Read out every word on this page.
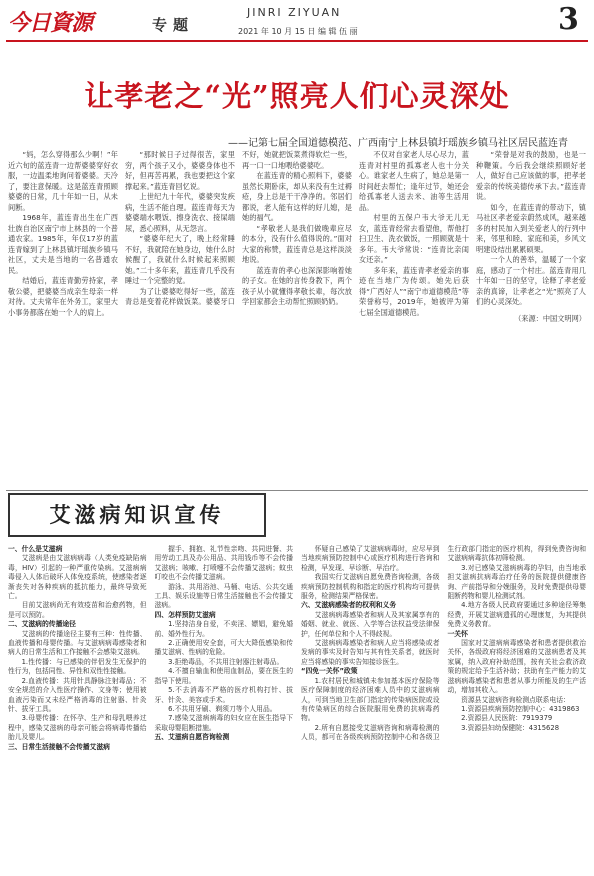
今日資源	专题
JINRI ZIYUAN
2021 年 10 月 15 日 编 辑 伍 丽	3
让孝老之“光”照亮人们心灵深处
——记第七届全国道德模范、广西南宁上林县镇圩瑶族乡镇马社区居民蓝连青

“妈，怎么穿得那么少啊！”年近六旬的蓝连青一边帮婆婆穿好衣服，一边温柔地询问着婆婆。天冷了，要注意保暖。这是蓝连青照顾婆婆的日常，几十年如一日，从未间断。

1968年，蓝连青出生在广西壮族自治区南宁市上林县的一个普通农家。1985年，年仅17岁的蓝连青嫁到了上林县镇圩瑶族乡镇马社区，丈夫是当地的一名普通农民。

结婚后，蓝连青勤劳持家，孝敬公婆，把婆婆当成亲生母亲一样对待。丈夫常年在外务工，家里大小事务都落在她一个人的肩上。

“那时候日子过得很苦，家里穷，两个孩子又小，婆婆身体也不好，但再苦再累，我也要把这个家撑起来。”蓝连青回忆说。

上世纪九十年代，婆婆突发疾病，生活不能自理。蓝连青每天为婆婆端水喂饭、擦身洗衣、接屎端尿，悉心照料，从无怨言。

“婆婆年纪大了，晚上经常睡不好，我就陪在她身边，她什么时候醒了，我就什么时候起来照顾她。”二十多年来，蓝连青几乎没有睡过一个完整的觉。

为了让婆婆吃得好一些，蓝连青总是变着花样做饭菜。婆婆牙口不好，她就把饭菜煮得软烂一些，再一口一口地喂给婆婆吃。

在蓝连青的精心照料下，婆婆虽然长期卧床，却从来没有生过褥疮，身上总是干干净净的。邻居们都说，老人能有这样的好儿媳，是她的福气。

“孝敬老人是我们做晚辈应尽的本分，没有什么值得说的。”面对大家的称赞，蓝连青总是这样淡淡地说。

蓝连青的孝心也深深影响着她的子女。在她的言传身教下，两个孩子从小就懂得孝敬长辈，每次放学回家都会主动帮忙照顾奶奶。

不仅对自家老人尽心尽力，蓝连青对村里的孤寡老人也十分关心。谁家老人生病了，她总是第一时间赶去帮忙；逢年过节，她还会给孤寡老人送去米、油等生活用品。

村里的五保户韦大爷无儿无女，蓝连青经常去看望他，帮他打扫卫生、洗衣做饭，一照顾就是十多年。韦大爷常说：“连青比亲闺女还亲。”

多年来，蓝连青孝老爱亲的事迹在当地广为传颂。她先后获得“广西好人”“南宁市道德模范”等荣誉称号，2019年，她被评为第七届全国道德模范。

“荣誉是对我的鼓励，也是一种鞭策。今后我会继续照顾好老人，做好自己应该做的事，把孝老爱亲的传统美德传承下去。”蓝连青说。

如今，在蓝连青的带动下，镇马社区孝老爱亲蔚然成风，越来越多的村民加入到关爱老人的行列中来，邻里和睦、家庭和美，乡风文明建设结出累累硕果。

一个人的善举，温暖了一个家庭，感动了一个村庄。蓝连青用几十年如一日的坚守，诠释了孝老爱亲的真谛，让孝老之“光”照亮了人们的心灵深处。

（来源：中国文明网）

艾滋病知识宣传

一、什么是艾滋病

艾滋病是由艾滋病病毒（人类免疫缺陷病毒，HIV）引起的一种严重传染病。艾滋病病毒侵入人体后破坏人体免疫系统，使感染者逐渐丧失对各种疾病的抵抗能力，最终导致死亡。

目前艾滋病尚无有效疫苗和治愈药物，但是可以预防。

二、艾滋病的传播途径

艾滋病的传播途径主要有三种：性传播、血液传播和母婴传播。与艾滋病病毒感染者和病人的日常生活和工作接触不会感染艾滋病。

1.性传播：与已感染的伴侣发生无保护的性行为，包括同性、异性和双性性接触。

2.血液传播：共用针具静脉注射毒品；不安全规范的介入性医疗操作、文身等；使用被血液污染而又未经严格消毒的注射器、针灸针、拔牙工具。

3.母婴传播：在怀孕、生产和母乳喂养过程中，感染艾滋病的母亲可能会将病毒传播给胎儿及婴儿。

三、日常生活接触不会传播艾滋病

握手、拥抱、礼节性亲吻、共同进餐、共用劳动工具及办公用品、共用钱币等不会传播艾滋病；咳嗽、打喷嚏不会传播艾滋病；蚊虫叮咬也不会传播艾滋病。

游泳、共用浴池、马桶、电话、公共交通工具、娱乐设施等日常生活接触也不会传播艾滋病。

四、怎样预防艾滋病

1.坚持洁身自爱，不卖淫、嫖娼，避免婚前、婚外性行为。

2.正确使用安全套，可大大降低感染和传播艾滋病、性病的危险。

3.拒绝毒品，不共用注射器注射毒品。

4.不擅自输血和使用血制品，要在医生的指导下使用。

5.不去消毒不严格的医疗机构打针、拔牙、针灸、美容或手术。

6.不共用牙刷、剃须刀等个人用品。

7.感染艾滋病病毒的妇女应在医生指导下采取母婴阻断措施。

五、艾滋病自愿咨询检测

怀疑自己感染了艾滋病病毒时，应尽早到当地疾病预防控制中心或医疗机构进行咨询和检测，早发现、早诊断、早治疗。

我国实行艾滋病自愿免费咨询检测，各级疾病预防控制机构和指定的医疗机构均可提供服务，检测结果严格保密。

六、艾滋病感染者的权利和义务

艾滋病病毒感染者和病人及其家属享有的婚姻、就业、就医、入学等合法权益受法律保护，任何单位和个人不得歧视。

艾滋病病毒感染者和病人应当将感染或者发病的事实及时告知与其有性关系者，就医时应当将感染的事实告知接诊医生。

“四免一关怀”政策

1.农村居民和城镇未参加基本医疗保险等医疗保障制度的经济困难人员中的艾滋病病人，可到当地卫生部门指定的传染病医院或设有传染病区的综合医院服用免费的抗病毒药物。

2.所有自愿接受艾滋病咨询和病毒检测的人员，都可在各级疾病预防控制中心和各级卫生行政部门指定的医疗机构，得到免费咨询和艾滋病病毒抗体初筛检测。

3.对已感染艾滋病病毒的孕妇，由当地承担艾滋病抗病毒治疗任务的医院提供健康咨询、产前指导和分娩服务，及时免费提供母婴阻断药物和婴儿检测试剂。

4.地方各级人民政府要通过多种途径筹集经费，开展艾滋病遗孤的心理康复，为其提供免费义务教育。

一关怀

国家对艾滋病病毒感染者和患者提供救治关怀，各级政府将经济困难的艾滋病患者及其家属，纳入政府补助范围，按有关社会救济政策的规定给予生活补助；扶助有生产能力的艾滋病病毒感染者和患者从事力所能及的生产活动，增加其收入。

资源县艾滋病咨询检测点联系电话：

1.资源县疾病预防控制中心：4319863

2.资源县人民医院：7919379

3.资源县妇幼保健院：4315628
